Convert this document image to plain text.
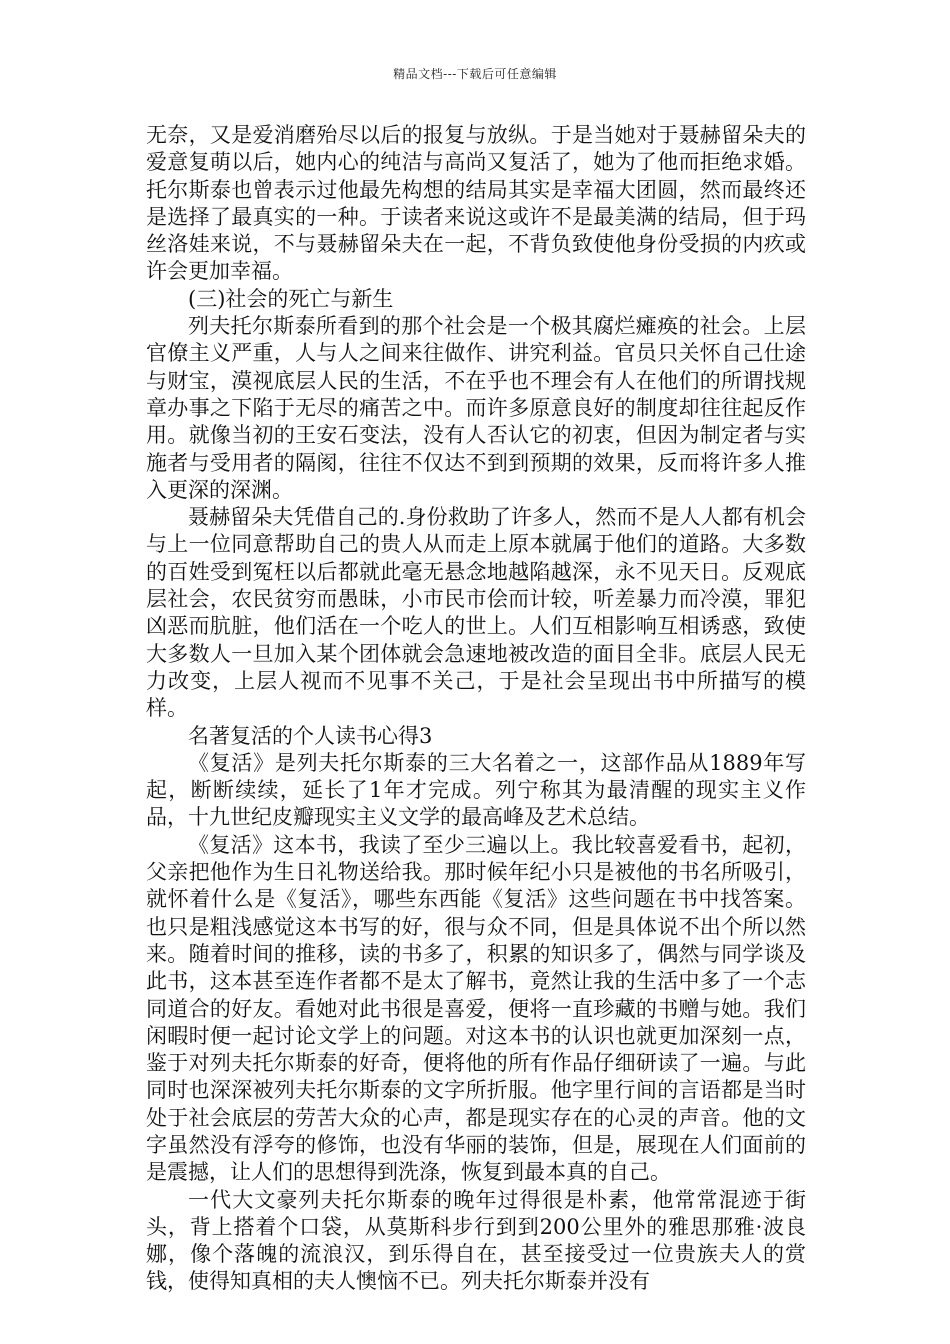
精品文档---下载后可任意编辑

无奈，又是爱消磨殆尽以后的报复与放纵。于是当她对于聂赫留朵夫的爱意复萌以后，她内心的纯洁与高尚又复活了，她为了他而拒绝求婚。托尔斯泰也曾表示过他最先构想的结局其实是幸福大团圆，然而最终还是选择了最真实的一种。于读者来说这或许不是最美满的结局，但于玛丝洛娃来说，不与聂赫留朵夫在一起，不背负致使他身份受损的内疚或许会更加幸福。

(三)社会的死亡与新生

列夫托尔斯泰所看到的那个社会是一个极其腐烂瘫痪的社会。上层官僚主义严重，人与人之间来往做作、讲究利益。官员只关怀自己仕途与财宝，漠视底层人民的生活，不在乎也不理会有人在他们的所谓找规章办事之下陷于无尽的痛苦之中。而许多原意良好的制度却往往起反作用。就像当初的王安石变法，没有人否认它的初衷，但因为制定者与实施者与受用者的隔阂，往往不仅达不到到预期的效果，反而将许多人推入更深的深渊。

聂赫留朵夫凭借自己的.身份救助了许多人，然而不是人人都有机会与上一位同意帮助自己的贵人从而走上原本就属于他们的道路。大多数的百姓受到冤枉以后都就此毫无悬念地越陷越深，永不见天日。反观底层社会，农民贫穷而愚昧，小市民市侩而计较，听差暴力而冷漠，罪犯凶恶而肮脏，他们活在一个吃人的世上。人们互相影响互相诱惑，致使大多数人一旦加入某个团体就会急速地被改造的面目全非。底层人民无力改变，上层人视而不见事不关己，于是社会呈现出书中所描写的模样。

名著复活的个人读书心得3

《复活》是列夫托尔斯泰的三大名着之一，这部作品从1889年写起，断断续续，延长了1年才完成。列宁称其为最清醒的现实主义作品，十九世纪皮瓣现实主义文学的最高峰及艺术总结。

《复活》这本书，我读了至少三遍以上。我比较喜爱看书，起初，父亲把他作为生日礼物送给我。那时候年纪小只是被他的书名所吸引，就怀着什么是《复活》，哪些东西能《复活》这些问题在书中找答案。也只是粗浅感觉这本书写的好，很与众不同，但是具体说不出个所以然来。随着时间的推移，读的书多了，积累的知识多了，偶然与同学谈及此书，这本甚至连作者都不是太了解书，竟然让我的生活中多了一个志同道合的好友。看她对此书很是喜爱，便将一直珍藏的书赠与她。我们闲暇时便一起讨论文学上的问题。对这本书的认识也就更加深刻一点，鉴于对列夫托尔斯泰的好奇，便将他的所有作品仔细研读了一遍。与此同时也深深被列夫托尔斯泰的文字所折服。他字里行间的言语都是当时处于社会底层的劳苦大众的心声，都是现实存在的心灵的声音。他的文字虽然没有浮夸的修饰，也没有华丽的装饰，但是，展现在人们面前的是震撼，让人们的思想得到洗涤，恢复到最本真的自己。

一代大文豪列夫托尔斯泰的晚年过得很是朴素，他常常混迹于街头，背上搭着个口袋，从莫斯科步行到到200公里外的雅思那雅·波良娜，像个落魄的流浪汉，到乐得自在，甚至接受过一位贵族夫人的赏钱，使得知真相的夫人懊恼不已。列夫托尔斯泰并没有
